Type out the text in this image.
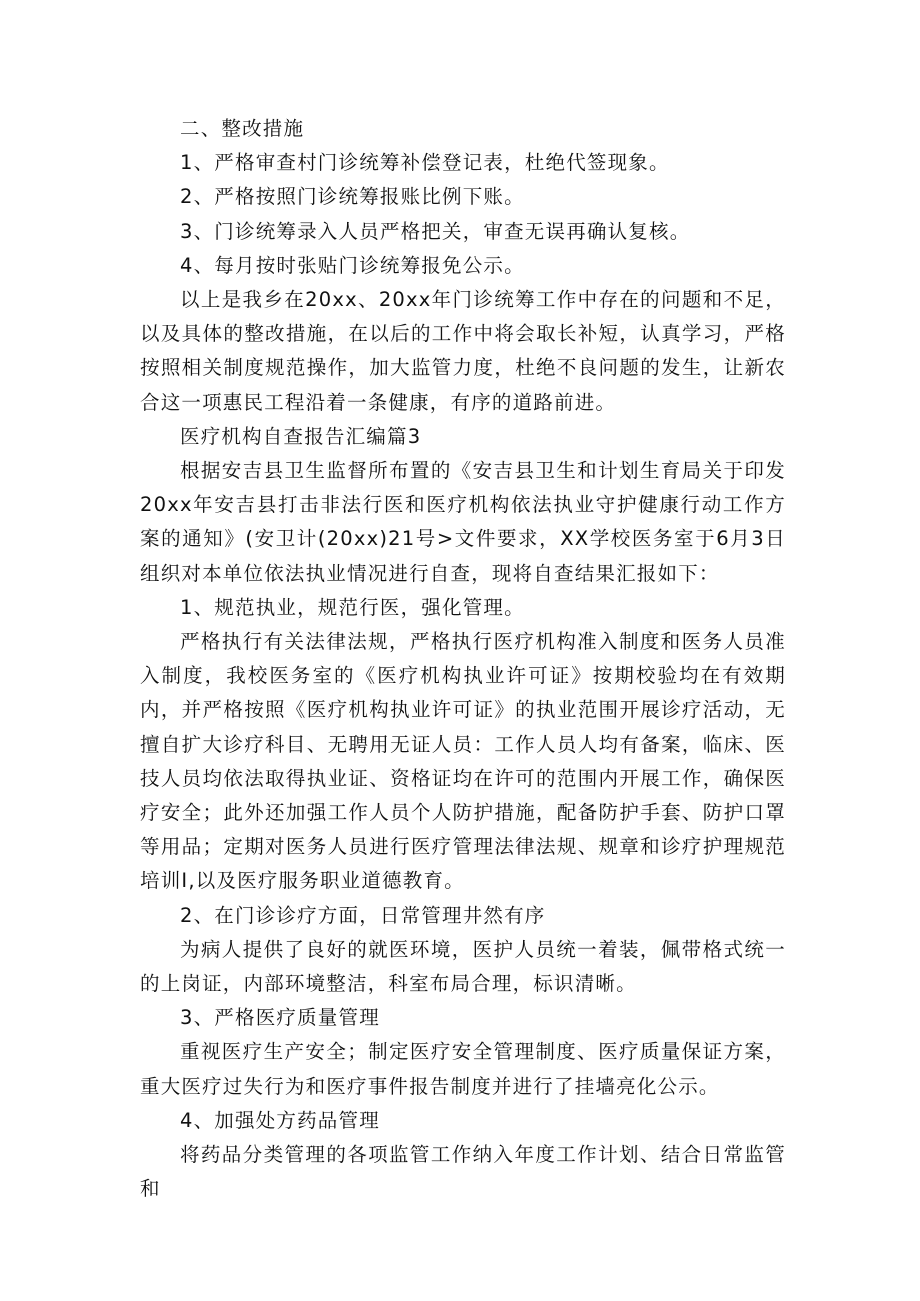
二、整改措施

1、严格审查村门诊统筹补偿登记表，杜绝代签现象。

2、严格按照门诊统筹报账比例下账。

3、门诊统筹录入人员严格把关，审查无误再确认复核。

4、每月按时张贴门诊统筹报免公示。

以上是我乡在20xx、20xx年门诊统筹工作中存在的问题和不足，以及具体的整改措施，在以后的工作中将会取长补短，认真学习，严格按照相关制度规范操作，加大监管力度，杜绝不良问题的发生，让新农合这一项惠民工程沿着一条健康，有序的道路前进。

医疗机构自查报告汇编篇3

根据安吉县卫生监督所布置的《安吉县卫生和计划生育局关于印发20xx年安吉县打击非法行医和医疗机构依法执业守护健康行动工作方案的通知》(安卫计(20xx)21号>文件要求，XX学校医务室于6月3日组织对本单位依法执业情况进行自查，现将自查结果汇报如下：

1、规范执业，规范行医，强化管理。

严格执行有关法律法规，严格执行医疗机构准入制度和医务人员准入制度，我校医务室的《医疗机构执业许可证》按期校验均在有效期内，并严格按照《医疗机构执业许可证》的执业范围开展诊疗活动，无擅自扩大诊疗科目、无聘用无证人员：工作人员人均有备案，临床、医技人员均依法取得执业证、资格证均在许可的范围内开展工作，确保医疗安全；此外还加强工作人员个人防护措施，配备防护手套、防护口罩等用品；定期对医务人员进行医疗管理法律法规、规章和诊疗护理规范培训I,以及医疗服务职业道德教育。

2、在门诊诊疗方面，日常管理井然有序

为病人提供了良好的就医环境，医护人员统一着装，佩带格式统一的上岗证，内部环境整洁，科室布局合理，标识清晰。

3、严格医疗质量管理

重视医疗生产安全；制定医疗安全管理制度、医疗质量保证方案，重大医疗过失行为和医疗事件报告制度并进行了挂墙亮化公示。

4、加强处方药品管理

将药品分类管理的各项监管工作纳入年度工作计划、结合日常监管和
